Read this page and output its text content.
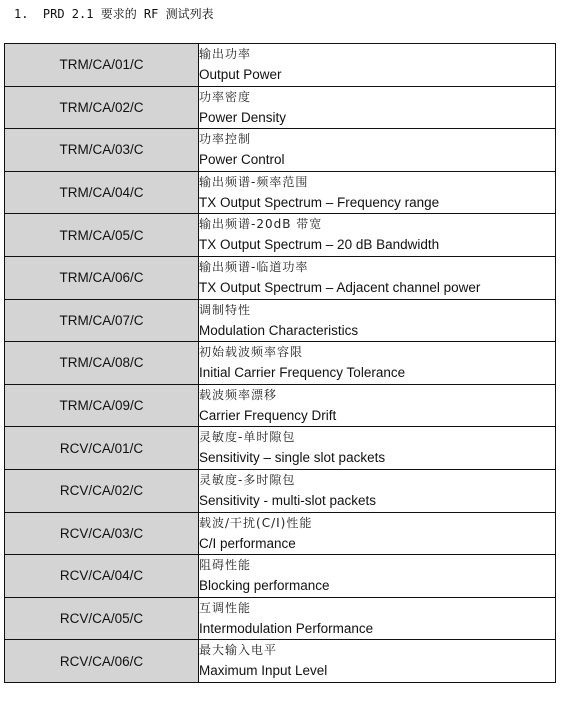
1.  PRD 2.1 要求的 RF 测试列表
TRM/CA/01/C	输出功率
Output Power

TRM/CA/02/C	功率密度
Power Density

TRM/CA/03/C	功率控制
Power Control

TRM/CA/04/C	输出频谱-频率范围
TX Output Spectrum – Frequency range

TRM/CA/05/C	输出频谱-20dB 带宽
TX Output Spectrum – 20 dB Bandwidth

TRM/CA/06/C	输出频谱-临道功率
TX Output Spectrum – Adjacent channel power

TRM/CA/07/C	调制特性
Modulation Characteristics

TRM/CA/08/C	初始载波频率容限
Initial Carrier Frequency Tolerance

TRM/CA/09/C	载波频率漂移
Carrier Frequency Drift

RCV/CA/01/C	灵敏度-单时隙包
Sensitivity – single slot packets

RCV/CA/02/C	灵敏度-多时隙包
Sensitivity - multi-slot packets

RCV/CA/03/C	载波/干扰(C/I)性能
C/I performance

RCV/CA/04/C	阻碍性能
Blocking performance

RCV/CA/05/C	互调性能
Intermodulation Performance

RCV/CA/06/C	最大输入电平
Maximum Input Level
